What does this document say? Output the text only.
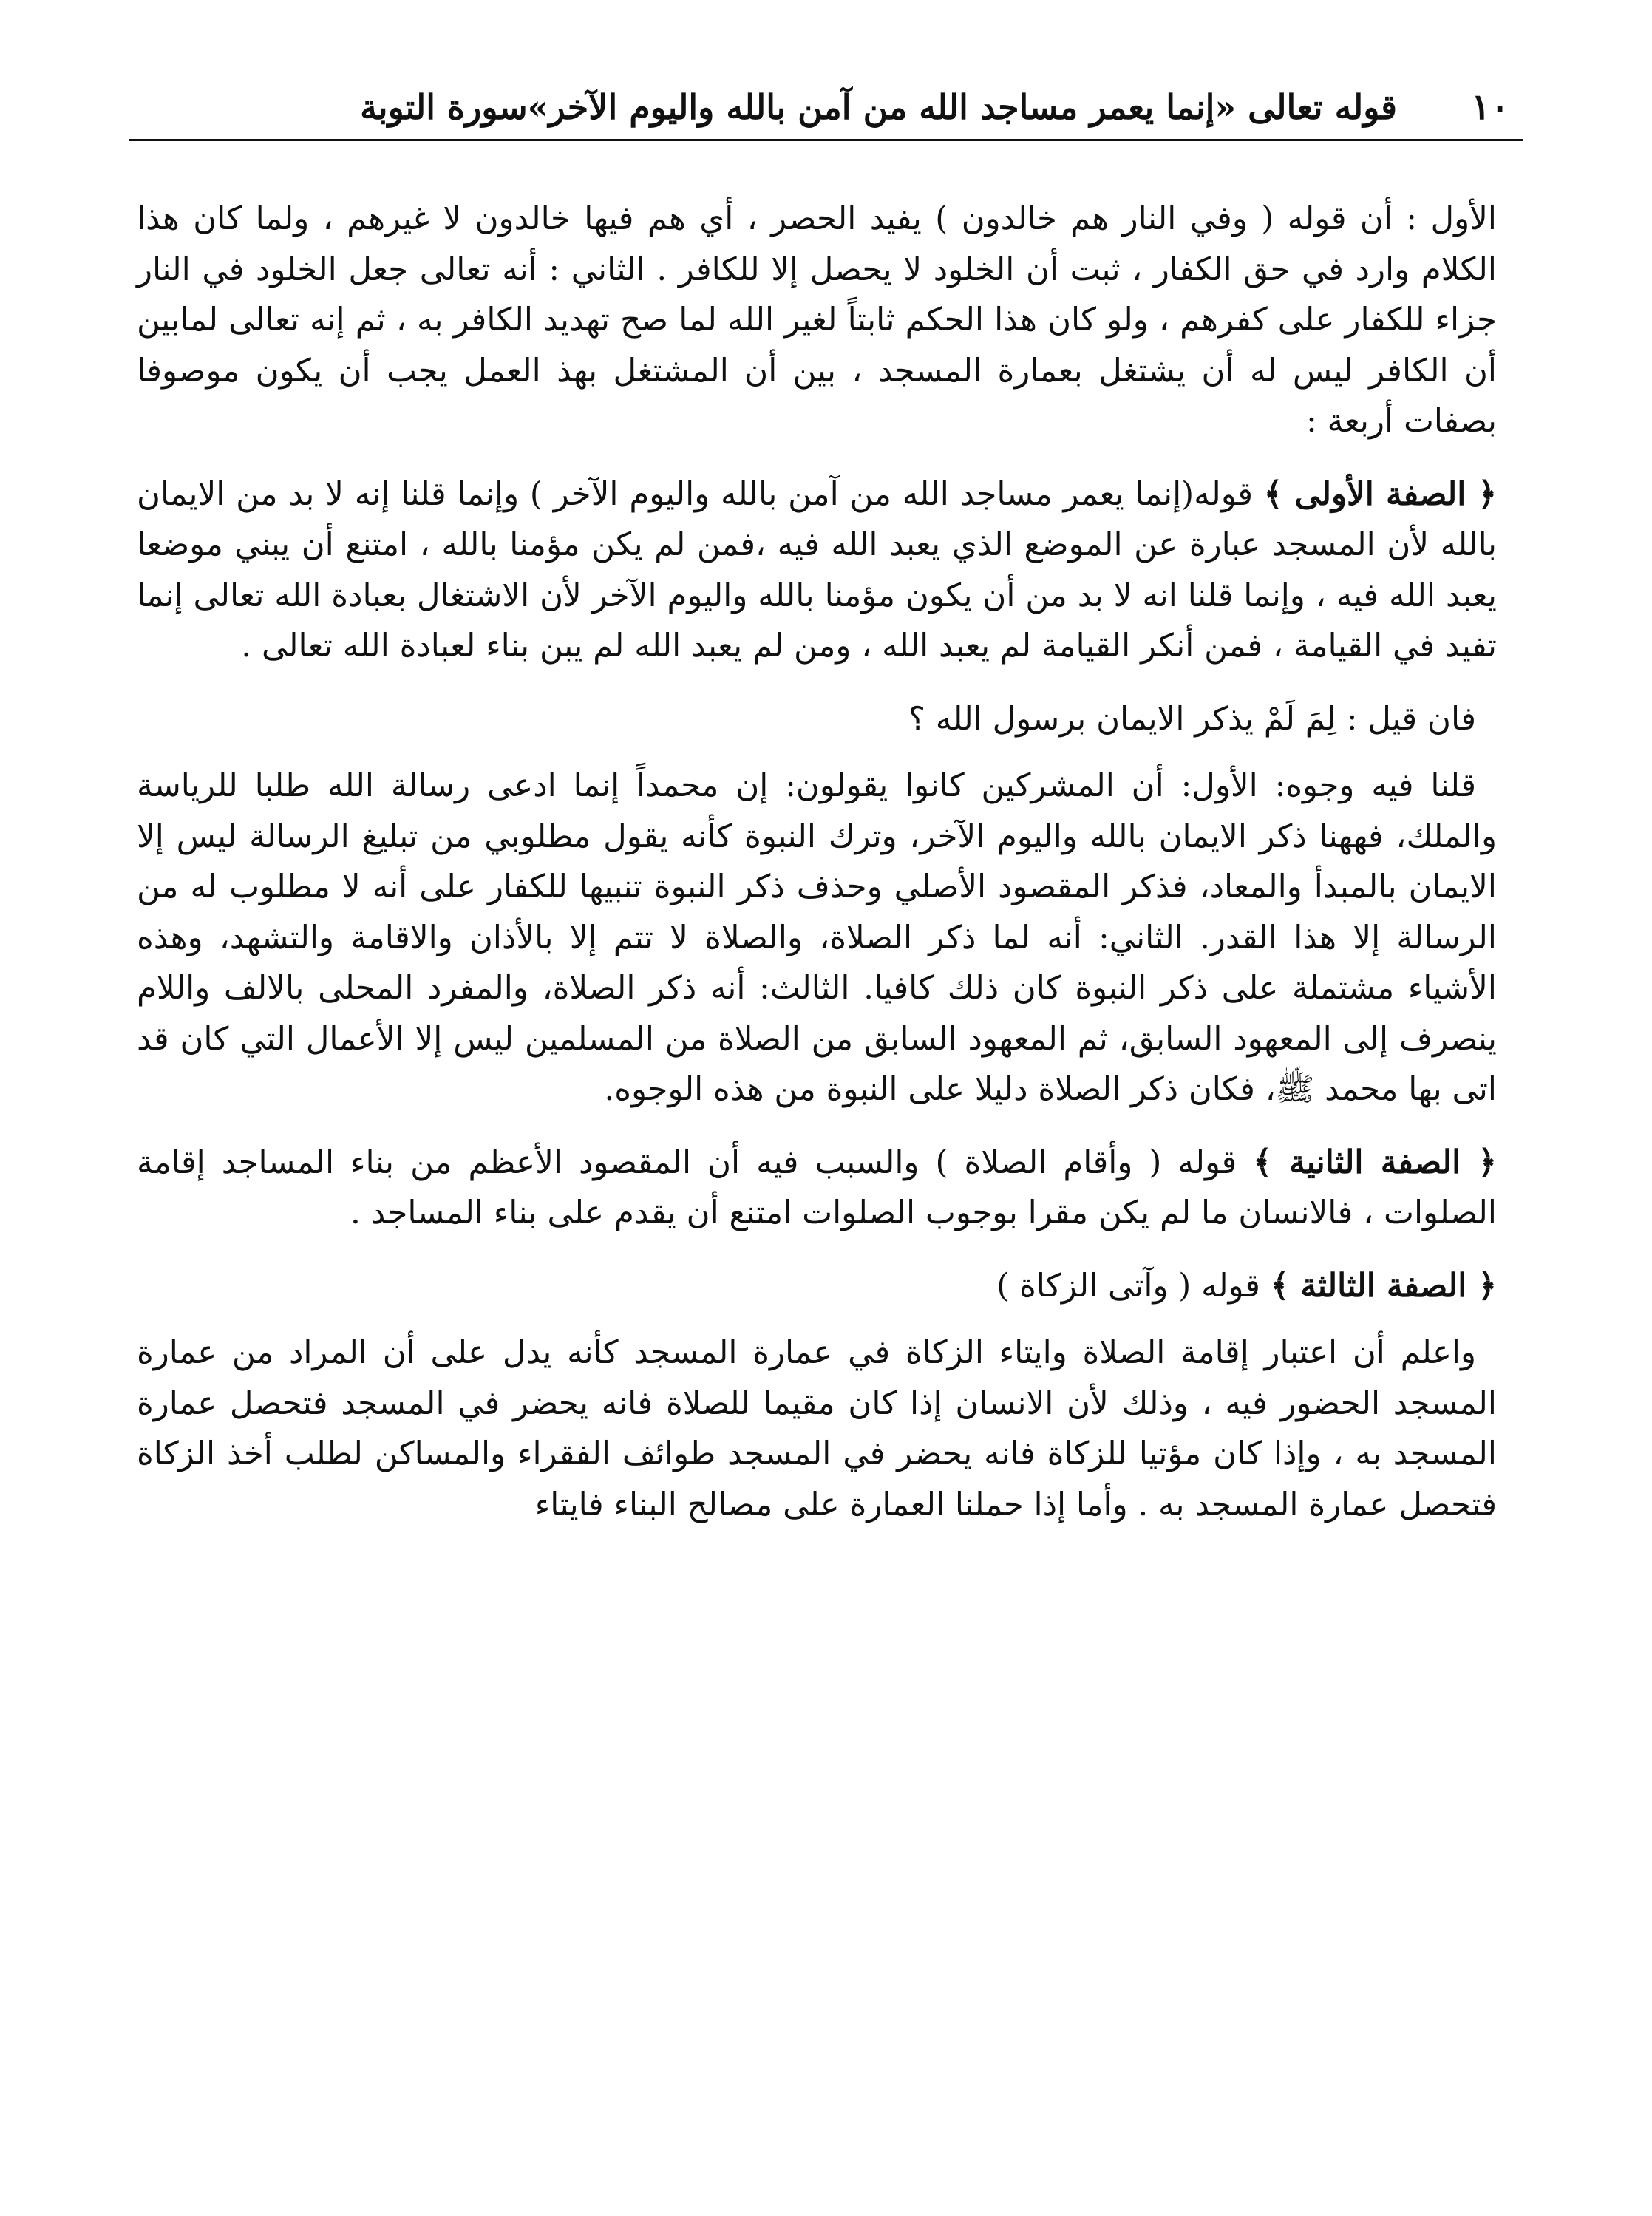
١٠
قوله تعالى «إنما يعمر مساجد الله من آمن بالله واليوم الآخر»سورة التوبة

الأول : أن قوله ( وفي النار هم خالدون ) يفيد الحصر ، أي هم فيها خالدون لا غيرهم ، ولما كان هذا الكلام وارد في حق الكفار ، ثبت أن الخلود لا يحصل إلا للكافر . الثاني : أنه تعالى جعل الخلود في النار جزاء للكفار على كفرهم ، ولو كان هذا الحكم ثابتاً لغير الله لما صح تهديد الكافر به ، ثم إنه تعالى لمابين أن الكافر ليس له أن يشتغل بعمارة المسجد ، بين أن المشتغل بهذ العمل يجب أن يكون موصوفا بصفات أربعة :

﴿ الصفة الأولى ﴾ قوله(إنما يعمر مساجد الله من آمن بالله واليوم الآخر ) وإنما قلنا إنه لا بد من الايمان بالله لأن المسجد عبارة عن الموضع الذي يعبد الله فيه ،فمن لم يكن مؤمنا بالله ، امتنع أن يبني موضعا يعبد الله فيه ، وإنما قلنا انه لا بد من أن يكون مؤمنا بالله واليوم الآخر لأن الاشتغال بعبادة الله تعالى إنما تفيد في القيامة ، فمن أنكر القيامة لم يعبد الله ، ومن لم يعبد الله لم يبن بناء لعبادة الله تعالى .

فان قيل : لِمَ لَمْ يذكر الايمان برسول الله ؟

قلنا فيه وجوه: الأول: أن المشركين كانوا يقولون: إن محمداً إنما ادعى رسالة الله طلبا للرياسة والملك، فههنا ذكر الايمان بالله واليوم الآخر، وترك النبوة كأنه يقول مطلوبي من تبليغ الرسالة ليس إلا الايمان بالمبدأ والمعاد، فذكر المقصود الأصلي وحذف ذكر النبوة تنبيها للكفار على أنه لا مطلوب له من الرسالة إلا هذا القدر. الثاني: أنه لما ذكر الصلاة، والصلاة لا تتم إلا بالأذان والاقامة والتشهد، وهذه الأشياء مشتملة على ذكر النبوة كان ذلك كافيا. الثالث: أنه ذكر الصلاة، والمفرد المحلى بالالف واللام ينصرف إلى المعهود السابق، ثم المعهود السابق من الصلاة من المسلمين ليس إلا الأعمال التي كان قد اتى بها محمد ﷺ، فكان ذكر الصلاة دليلا على النبوة من هذه الوجوه.

﴿ الصفة الثانية ﴾ قوله ( وأقام الصلاة ) والسبب فيه أن المقصود الأعظم من بناء المساجد إقامة الصلوات ، فالانسان ما لم يكن مقرا بوجوب الصلوات امتنع أن يقدم على بناء المساجد .

﴿ الصفة الثالثة ﴾ قوله ( وآتى الزكاة )

واعلم أن اعتبار إقامة الصلاة وايتاء الزكاة في عمارة المسجد كأنه يدل على أن المراد من عمارة المسجد الحضور فيه ، وذلك لأن الانسان إذا كان مقيما للصلاة فانه يحضر في المسجد فتحصل عمارة المسجد به ، وإذا كان مؤتيا للزكاة فانه يحضر في المسجد طوائف الفقراء والمساكن لطلب أخذ الزكاة فتحصل عمارة المسجد به . وأما إذا حملنا العمارة على مصالح البناء فايتاء
